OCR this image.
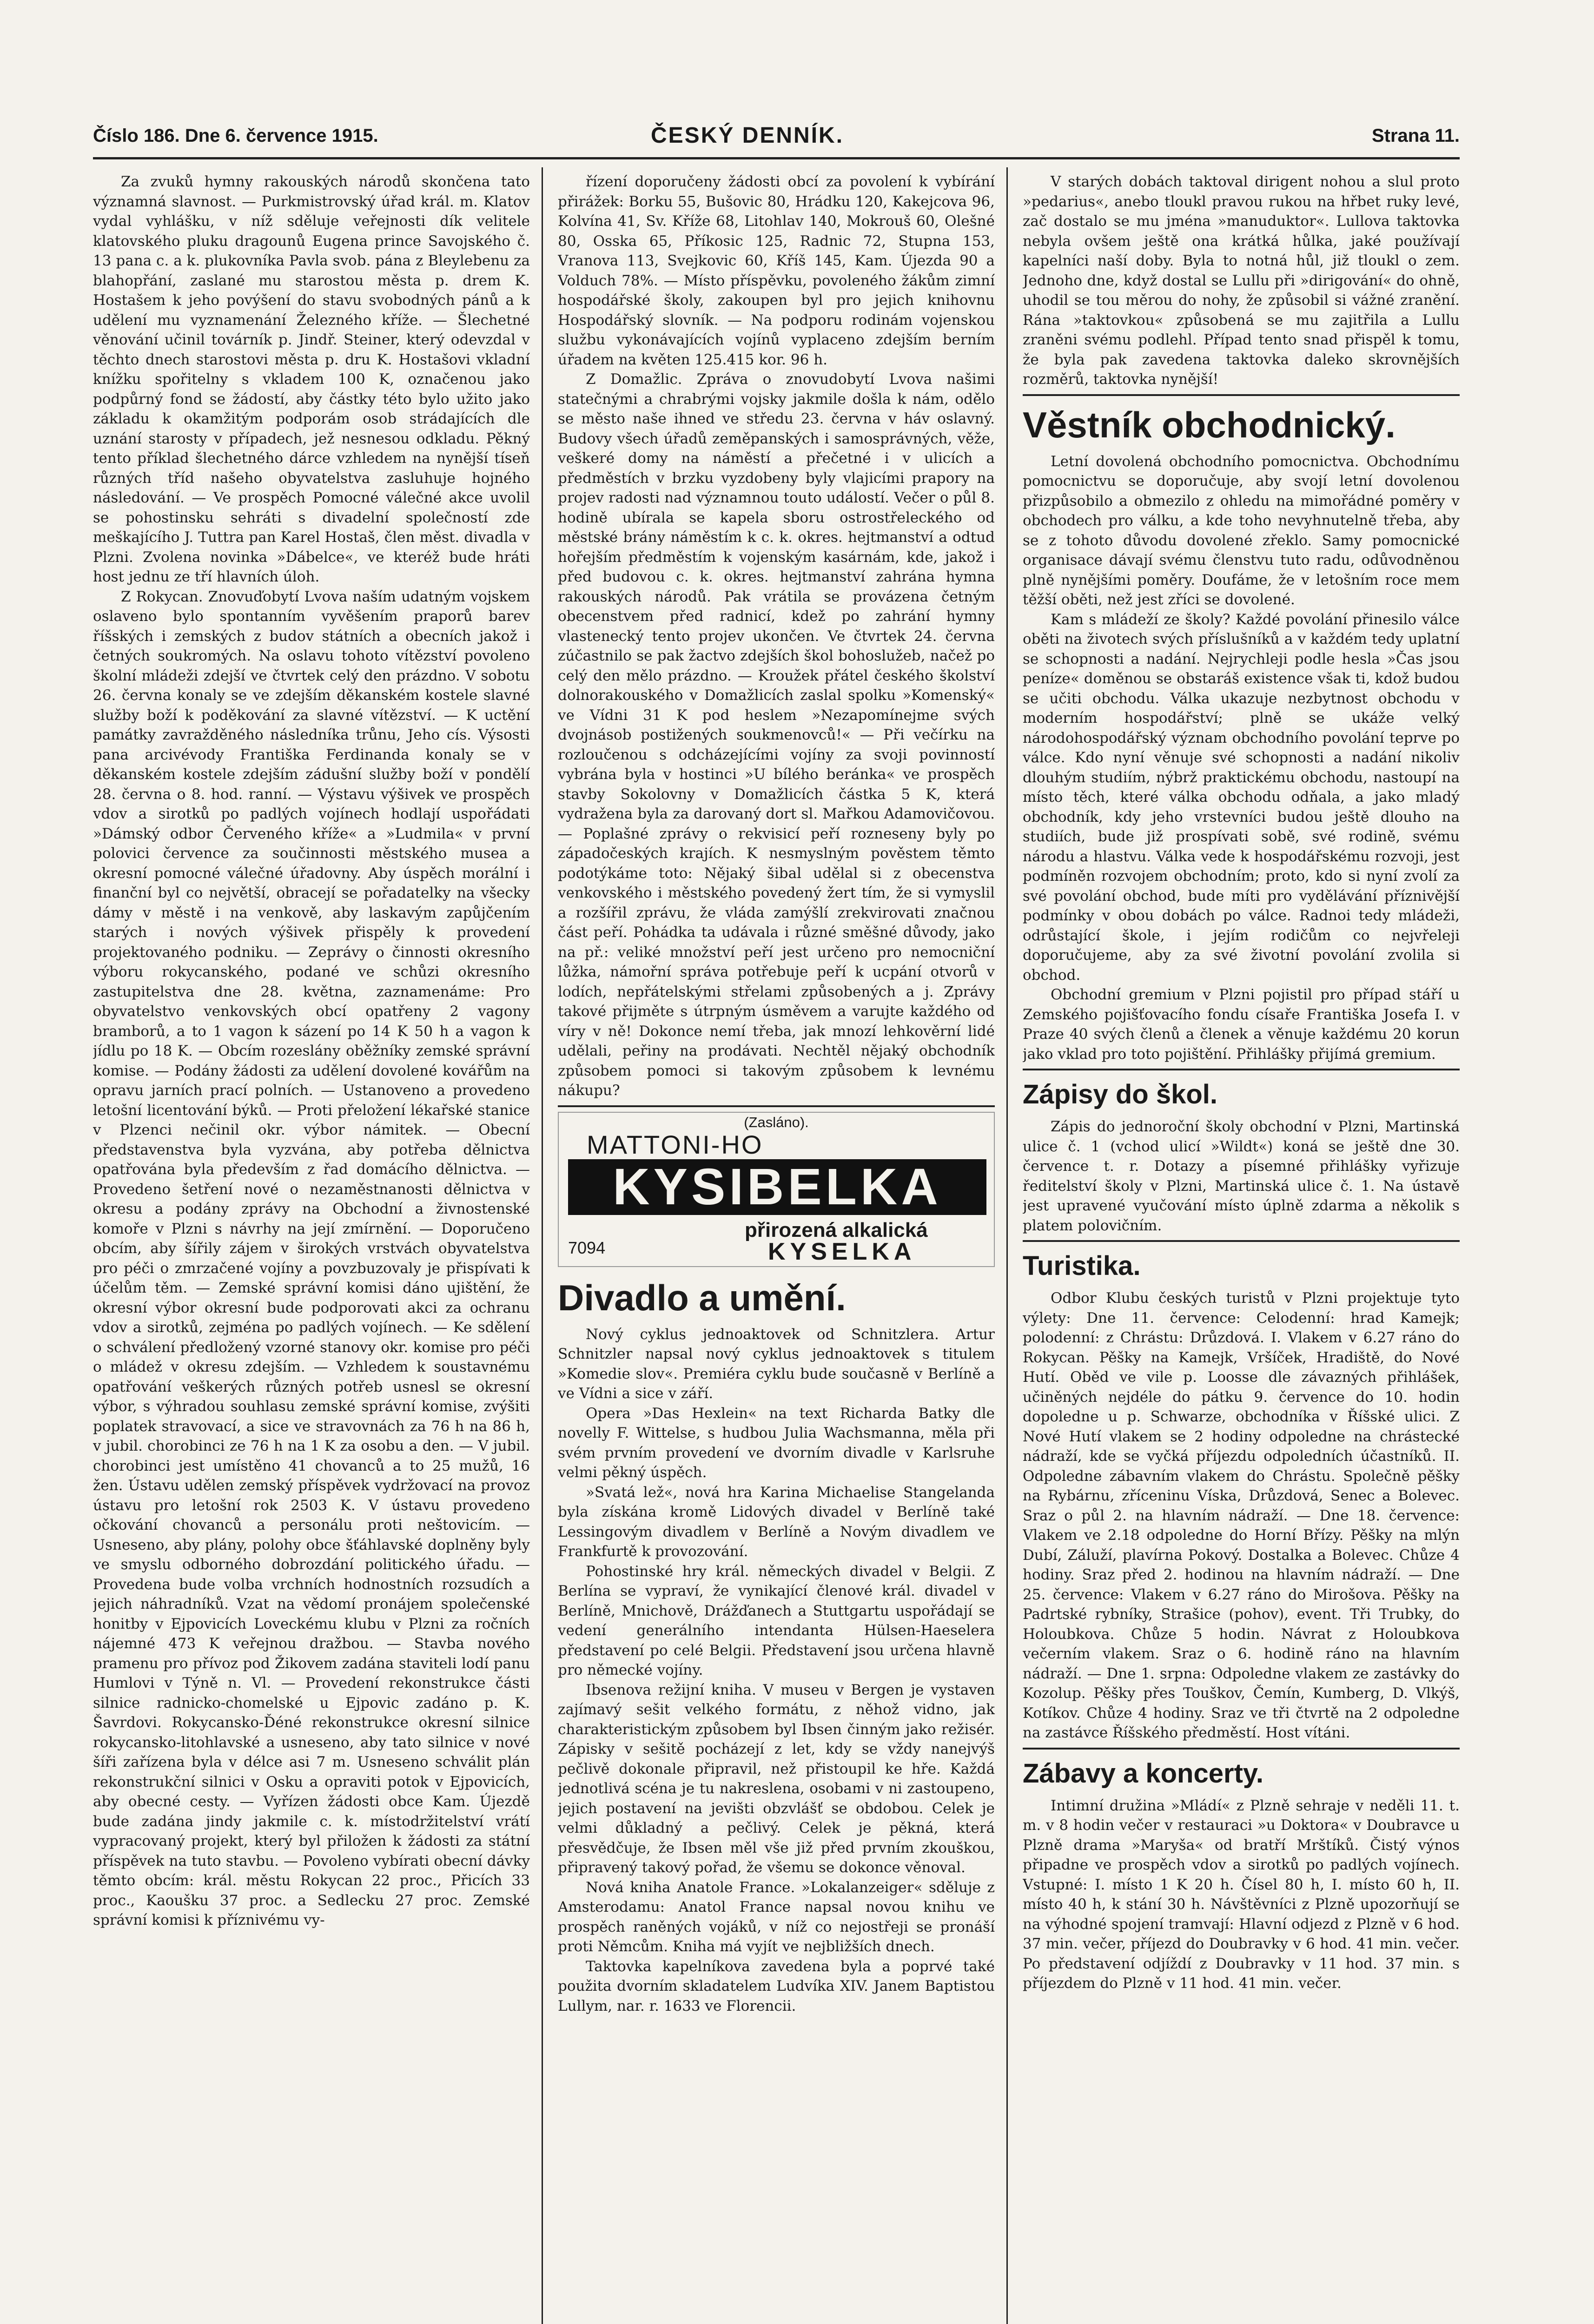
Číslo 186. Dne 6. července 1915.	ČESKÝ DENNÍK.	Strana 11.

Za zvuků hymny rakouských národů skončena tato významná slavnost. — Purkmistrovský úřad král. m. Klatov vydal vyhlášku, v níž sděluje veřejnosti dík velitele klatovského pluku dragounů Eugena prince Savojského č. 13 pana c. a k. plukovníka Pavla svob. pána z Bleylebenu za blahopřání, zaslané mu starostou města p. drem K. Hostašem k jeho povýšení do stavu svobodných pánů a k udělení mu vyznamenání Železného kříže. — Šlechetné věnování učinil továrník p. Jindř. Steiner, který odevzdal v těchto dnech starostovi města p. dru K. Hostašovi vkladní knížku spořitelny s vkladem 100 K, označenou jako podpůrný fond se žádostí, aby částky této bylo užito jako základu k okamžitým podporám osob strádajících dle uznání starosty v případech, jež nesnesou odkladu. Pěkný tento příklad šlechetného dárce vzhledem na nynější tíseň různých tříd našeho obyvatelstva zasluhuje hojného následování. — Ve prospěch Pomocné válečné akce uvolil se pohostinsku sehráti s divadelní společností zde meškajícího J. Tuttra pan Karel Hostaš, člen měst. divadla v Plzni. Zvolena novinka »Dábelce«, ve kteréž bude hráti host jednu ze tří hlavních úloh.

Z Rokycan. Znovuďobytí Lvova naším udatným vojskem oslaveno bylo spontanním vyvěšením praporů barev říšských i zemských z budov státních a obecních jakož i četných soukromých. Na oslavu tohoto vítězství povoleno školní mládeži zdejší ve čtvrtek celý den prázdno. V sobotu 26. června konaly se ve zdejším děkanském kostele slavné služby boží k poděkování za slavné vítězství. — K uctění památky zavražděného následníka trůnu, Jeho cís. Výsosti pana arcivévody Františka Ferdinanda konaly se v děkanském kostele zdejším zádušní služby boží v pondělí 28. června o 8. hod. ranní. — Výstavu výšivek ve prospěch vdov a sirotků po padlých vojínech hodlají uspořádati »Dámský odbor Červeného kříže« a »Ludmila« v první polovici července za součinnosti městského musea a okresní pomocné válečné úřadovny. Aby úspěch morální i finanční byl co největší, obracejí se pořadatelky na všecky dámy v městě i na venkově, aby laskavým zapůjčením starých i nových výšivek přispěly k provedení projektovaného podniku. — Zeprávy o činnosti okresního výboru rokycanského, podané ve schůzi okresního zastupitelstva dne 28. května, zaznamenáme: Pro obyvatelstvo venkovských obcí opatřeny 2 vagony bramborů, a to 1 vagon k sázení po 14 K 50 h a vagon k jídlu po 18 K. — Obcím rozeslány oběžníky zemské správní komise. — Podány žádosti za udělení dovolené kovářům na opravu jarních prací polních. — Ustanoveno a provedeno letošní licentování býků. — Proti přeložení lékařské stanice v Plzenci nečinil okr. výbor námitek. — Obecní představenstva byla vyzvána, aby potřeba dělnictva opatřována byla především z řad domácího dělnictva. — Provedeno šetření nové o nezaměstnanosti dělnictva v okresu a podány zprávy na Obchodní a živnostenské komoře v Plzni s návrhy na její zmírnění. — Doporučeno obcím, aby šířily zájem v širokých vrstvách obyvatelstva pro péči o zmrzačené vojíny a povzbuzovaly je přispívati k účelům těm. — Zemské správní komisi dáno ujištění, že okresní výbor okresní bude podporovati akci za ochranu vdov a sirotků, zejména po padlých vojínech. — Ke sdělení o schválení předložený vzorné stanovy okr. komise pro péči o mládež v okresu zdejším. — Vzhledem k soustavnému opatřování veškerých různých potřeb usnesl se okresní výbor, s výhradou souhlasu zemské správní komise, zvýšiti poplatek stravovací, a sice ve stravovnách za 76 h na 86 h, v jubil. chorobinci ze 76 h na 1 K za osobu a den. — V jubil. chorobinci jest umístěno 41 chovanců a to 25 mužů, 16 žen. Ústavu udělen zemský příspěvek vydržovací na provoz ústavu pro letošní rok 2503 K. V ústavu provedeno očkování chovanců a personálu proti neštovicím. — Usneseno, aby plány, polohy obce šťáhlavské doplněny byly ve smyslu odborného dobrozdání politického úřadu. — Provedena bude volba vrchních hodnostních rozsudích a jejich náhradníků. Vzat na vědomí pronájem společenské honitby v Ejpovicích Loveckému klubu v Plzni za ročních nájemné 473 K veřejnou dražbou. — Stavba nového pramenu pro přívoz pod Žikovem zadána staviteli lodí panu Humlovi v Týně n. Vl. — Provedení rekonstrukce části silnice radnicko-chomelské u Ejpovic zadáno p. K. Šavrdovi. Rokycansko-Ďéné rekonstrukce okresní silnice rokycansko-litohlavské a usneseno, aby tato silnice v nové šíři zařízena byla v délce asi 7 m. Usneseno schválit plán rekonstrukční silnici v Osku a opraviti potok v Ejpovicích, aby obecné cesty. — Vyřízen žádosti obce Kam. Újezdě bude zadána jindy jakmile c. k. místodržitelství vrátí vypracovaný projekt, který byl přiložen k žádosti za státní příspěvek na tuto stavbu. — Povoleno vybírati obecní dávky těmto obcím: král. městu Rokycan 22 proc., Přicích 33 proc., Kaoušku 37 proc. a Sedlecku 27 proc. Zemské správní komisi k příznivému vy-

řízení doporučeny žádosti obcí za povolení k vybírání přirážek: Borku 55, Bušovic 80, Hrádku 120, Kakejcova 96, Kolvína 41, Sv. Kříže 68, Litohlav 140, Mokrouš 60, Olešné 80, Osska 65, Příkosic 125, Radnic 72, Stupna 153, Vranova 113, Svejkovic 60, Kříš 145, Kam. Újezda 90 a Volduch 78%. — Místo příspěvku, povoleného žákům zimní hospodářské školy, zakoupen byl pro jejich knihovnu Hospodářský slovník. — Na podporu rodinám vojenskou službu vykonávajících vojínů vyplaceno zdejším berním úřadem na květen 125.415 kor. 96 h.

Z Domažlic. Zpráva o znovudobytí Lvova našimi statečnými a chrabrými vojsky jakmile došla k nám, odělo se město naše ihned ve středu 23. června v háv oslavný. Budovy všech úřadů zeměpanských i samosprávných, věže, veškeré domy na náměstí a přečetné i v ulicích a předměstích v brzku vyzdobeny byly vlajicími prapory na projev radosti nad významnou touto událostí. Večer o půl 8. hodině ubírala se kapela sboru ostrostřeleckého od městské brány náměstím k c. k. okres. hejtmanství a odtud hořejším předměstím k vojenským kasárnám, kde, jakož i před budovou c. k. okres. hejtmanství zahrána hymna rakouských národů. Pak vrátila se provázena četným obecenstvem před radnicí, kdež po zahrání hymny vlastenecký tento projev ukončen. Ve čtvrtek 24. června zúčastnilo se pak žactvo zdejších škol bohoslužeb, načež po celý den mělo prázdno. — Kroužek přátel českého školství dolnorakouského v Domažlicích zaslal spolku »Komenský« ve Vídni 31 K pod heslem »Nezapomínejme svých dvojnásob postižených soukmenovců!« — Při večírku na rozloučenou s odcházejícími vojíny za svoji povinností vybrána byla v hostinci »U bílého beránka« ve prospěch stavby Sokolovny v Domažlicích částka 5 K, která vydražena byla za darovaný dort sl. Mařkou Adamovičovou. — Poplašné zprávy o rekvisicí peří rozneseny byly po západočeských krajích. K nesmyslným pověstem těmto podotýkáme toto: Nějaký šibal udělal si z obecenstva venkovského i městského povedený žert tím, že si vymyslil a rozšířil zprávu, že vláda zamýšlí zrekvirovati značnou část peří. Pohádka ta udávala i různé směšné důvody, jako na př.: veliké množství peří jest určeno pro nemocniční lůžka, námořní správa potřebuje peří k ucpání otvorů v lodích, nepřátelskými střelami způsobených a j. Zprávy takové přijměte s útrpným úsměvem a varujte každého od víry v ně! Dokonce nemí třeba, jak mnozí lehkověrní lidé udělali, peřiny na prodávati. Nechtěl nějaký obchodník způsobem pomoci si takovým způsobem k levnému nákupu?

(Zasláno).
MATTONI-HO
KYSIBELKA
7094
přirozená alkalická
KYSELKA
Divadlo a umění.

Nový cyklus jednoaktovek od Schnitzlera. Artur Schnitzler napsal nový cyklus jednoaktovek s titulem »Komedie slov«. Premiéra cyklu bude současně v Berlíně a ve Vídni a sice v září.

Opera »Das Hexlein« na text Richarda Batky dle novelly F. Wittelse, s hudbou Julia Wachsmanna, měla při svém prvním provedení ve dvorním divadle v Karlsruhe velmi pěkný úspěch.

»Svatá lež«, nová hra Karina Michaelise Stangelanda byla získána kromě Lidových divadel v Berlíně také Lessingovým divadlem v Berlíně a Novým divadlem ve Frankfurtě k provozování.

Pohostinské hry král. německých divadel v Belgii. Z Berlína se vypraví, že vynikající členové král. divadel v Berlíně, Mnichově, Drážďanech a Stuttgartu uspořádají se vedení generálního intendanta Hülsen-Haeselera představení po celé Belgii. Představení jsou určena hlavně pro německé vojíny.

Ibsenova režijní kniha. V museu v Bergen je vystaven zajímavý sešit velkého formátu, z něhož vidno, jak charakteristickým způsobem byl Ibsen činným jako režisér. Zápisky v sešitě pocházejí z let, kdy se vždy nanejvýš pečlivě dokonale připravil, než přistoupil ke hře. Každá jednotlivá scéna je tu nakreslena, osobami v ni zastoupeno, jejich postavení na jevišti obzvlášť se obdobou. Celek je velmi důkladný a pečlivý. Celek je pěkná, která přesvědčuje, že Ibsen měl vše již před prvním zkouškou, připravený takový pořad, že všemu se dokonce věnoval.

Nová kniha Anatole France. »Lokalanzeiger« sděluje z Amsterodamu: Anatol France napsal novou knihu ve prospěch raněných vojáků, v níž co nejostřeji se pronáší proti Němcům. Kniha má vyjít ve nejbližších dnech.

Taktovka kapelníkova zavedena byla a poprvé také použita dvorním skladatelem Ludvíka XIV. Janem Baptistou Lullym, nar. r. 1633 ve Florencii.

V starých dobách taktoval dirigent nohou a slul proto »pedarius«, anebo tloukl pravou rukou na hřbet ruky levé, zač dostalo se mu jména »manuduktor«. Lullova taktovka nebyla ovšem ještě ona krátká hůlka, jaké používají kapelníci naší doby. Byla to notná hůl, již tloukl o zem. Jednoho dne, když dostal se Lullu při »dirigování« do ohně, uhodil se tou měrou do nohy, že způsobil si vážné zranění. Rána »taktovkou« způsobená se mu zajitřila a Lullu zraněni svému podlehl. Případ tento snad přispěl k tomu, že byla pak zavedena taktovka daleko skrovnějších rozměrů, taktovka nynější!

Věstník obchodnický.

Letní dovolená obchodního pomocnictva. Obchodnímu pomocnictvu se doporučuje, aby svojí letní dovolenou přizpůsobilo a obmezilo z ohledu na mimořádné poměry v obchodech pro válku, a kde toho nevyhnutelně třeba, aby se z tohoto důvodu dovolené zřeklo. Samy pomocnické organisace dávají svému členstvu tuto radu, odůvodněnou plně nynějšími poměry. Doufáme, že v letošním roce mem těžší oběti, než jest zříci se dovolené.

Kam s mládeží ze školy? Každé povolání přinesilo válce oběti na životech svých příslušníků a v každém tedy uplatní se schopnosti a nadání. Nejrychleji podle hesla »Čas jsou peníze« doměnou se obstaráš existence však ti, kdož budou se učiti obchodu. Válka ukazuje nezbytnost obchodu v moderním hospodářství; plně se ukáže velký národohospodářský význam obchodního povolání teprve po válce. Kdo nyní věnuje své schopnosti a nadání nikoliv dlouhým studiím, nýbrž praktickému obchodu, nastoupí na místo těch, které válka obchodu odňala, a jako mladý obchodník, kdy jeho vrstevníci budou ještě dlouho na studiích, bude již prospívati sobě, své rodině, svému národu a hlastvu. Válka vede k hospodářskému rozvoji, jest podmíněn rozvojem obchodním; proto, kdo si nyní zvolí za své povolání obchod, bude míti pro vydělávání příznivější podmínky v obou dobách po válce. Radnoi tedy mládeži, odrůstající škole, i jejím rodičům co nejvřeleji doporučujeme, aby za své životní povolání zvolila si obchod.

Obchodní gremium v Plzni pojistil pro případ stáří u Zemského pojišťovacího fondu císaře Františka Josefa I. v Praze 40 svých členů a členek a věnuje každému 20 korun jako vklad pro toto pojištění. Přihlášky přijímá gremium.

Zápisy do škol.

Zápis do jednoroční školy obchodní v Plzni, Martinská ulice č. 1 (vchod ulicí »Wildt«) koná se ještě dne 30. července t. r. Dotazy a písemné přihlášky vyřizuje ředitelství školy v Plzni, Martinská ulice č. 1. Na ústavě jest upravené vyučování místo úplně zdarma a několik s platem polovičním.

Turistika.

Odbor Klubu českých turistů v Plzni projektuje tyto výlety: Dne 11. července: Celodenní: hrad Kamejk; polodenní: z Chrástu: Drůzdová. I. Vlakem v 6.27 ráno do Rokycan. Pěšky na Kamejk, Vršíček, Hradiště, do Nové Hutí. Oběd ve vile p. Loosse dle závazných přihlášek, učiněných nejdéle do pátku 9. července do 10. hodin dopoledne u p. Schwarze, obchodníka v Říšské ulici. Z Nové Hutí vlakem se 2 hodiny odpoledne na chrástecké nádraží, kde se vyčká příjezdu odpoledních účastníků. II. Odpoledne zábavním vlakem do Chrástu. Společně pěšky na Rybárnu, zříceninu Víska, Drůzdová, Senec a Bolevec. Sraz o půl 2. na hlavním nádraží. — Dne 18. července: Vlakem ve 2.18 odpoledne do Horní Břízy. Pěšky na mlýn Dubí, Záluží, plavírna Pokový. Dostalka a Bolevec. Chůze 4 hodiny. Sraz před 2. hodinou na hlavním nádraží. — Dne 25. července: Vlakem v 6.27 ráno do Mirošova. Pěšky na Padrtské rybníky, Strašice (pohov), event. Tři Trubky, do Holoubkova. Chůze 5 hodin. Návrat z Holoubkova večerním vlakem. Sraz o 6. hodině ráno na hlavním nádraží. — Dne 1. srpna: Odpoledne vlakem ze zastávky do Kozolup. Pěšky přes Touškov, Čemín, Kumberg, D. Vlkýš, Kotíkov. Chůze 4 hodiny. Sraz ve tři čtvrtě na 2 odpoledne na zastávce Říšského předměstí. Host vítáni.

Zábavy a koncerty.

Intimní družina »Mládí« z Plzně sehraje v neděli 11. t. m. v 8 hodin večer v restauraci »u Doktora« v Doubravce u Plzně drama »Maryša« od bratří Mrštíků. Čistý výnos připadne ve prospěch vdov a sirotků po padlých vojínech. Vstupné: I. místo 1 K 20 h. Čísel 80 h, I. místo 60 h, II. místo 40 h, k stání 30 h. Návštěvníci z Plzně upozorňují se na výhodné spojení tramvají: Hlavní odjezd z Plzně v 6 hod. 37 min. večer, příjezd do Doubravky v 6 hod. 41 min. večer. Po představení odjíždí z Doubravky v 11 hod. 37 min. s příjezdem do Plzně v 11 hod. 41 min. večer.
